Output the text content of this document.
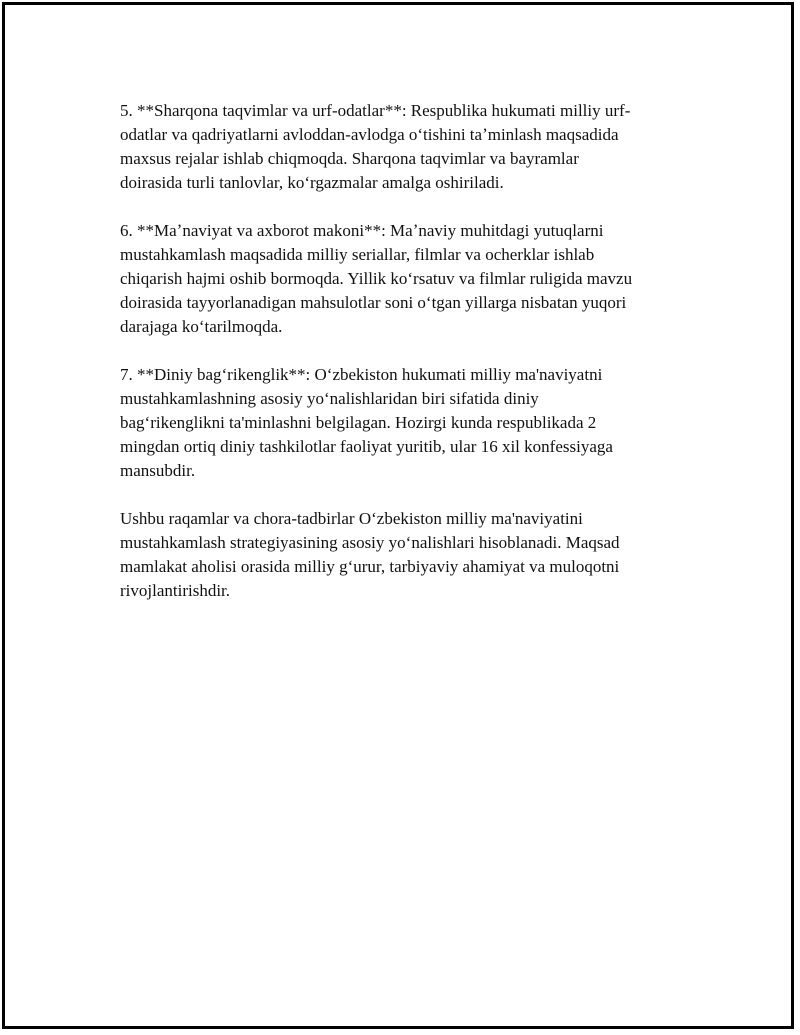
5. **Sharqona taqvimlar va urf-odatlar**: Respublika hukumati milliy urf-
odatlar va qadriyatlarni avloddan-avlodga oʻtishini taʼminlash maqsadida
maxsus rejalar ishlab chiqmoqda. Sharqona taqvimlar va bayramlar
doirasida turli tanlovlar, koʻrgazmalar amalga oshiriladi.

6. **Maʼnaviyat va axborot makoni**: Maʼnaviy muhitdagi yutuqlarni
mustahkamlash maqsadida milliy seriallar, filmlar va ocherklar ishlab
chiqarish hajmi oshib bormoqda. Yillik koʻrsatuv va filmlar ruligida mavzu
doirasida tayyorlanadigan mahsulotlar soni oʻtgan yillarga nisbatan yuqori
darajaga koʻtarilmoqda.

7. **Diniy bagʻrikenglik**: Oʻzbekiston hukumati milliy ma'naviyatni
mustahkamlashning asosiy yoʻnalishlaridan biri sifatida diniy
bagʻrikenglikni ta'minlashni belgilagan. Hozirgi kunda respublikada 2
mingdan ortiq diniy tashkilotlar faoliyat yuritib, ular 16 xil konfessiyaga
mansubdir.

Ushbu raqamlar va chora-tadbirlar Oʻzbekiston milliy ma'naviyatini
mustahkamlash strategiyasining asosiy yoʻnalishlari hisoblanadi. Maqsad
mamlakat aholisi orasida milliy gʻurur, tarbiyaviy ahamiyat va muloqotni
rivojlantirishdir.
